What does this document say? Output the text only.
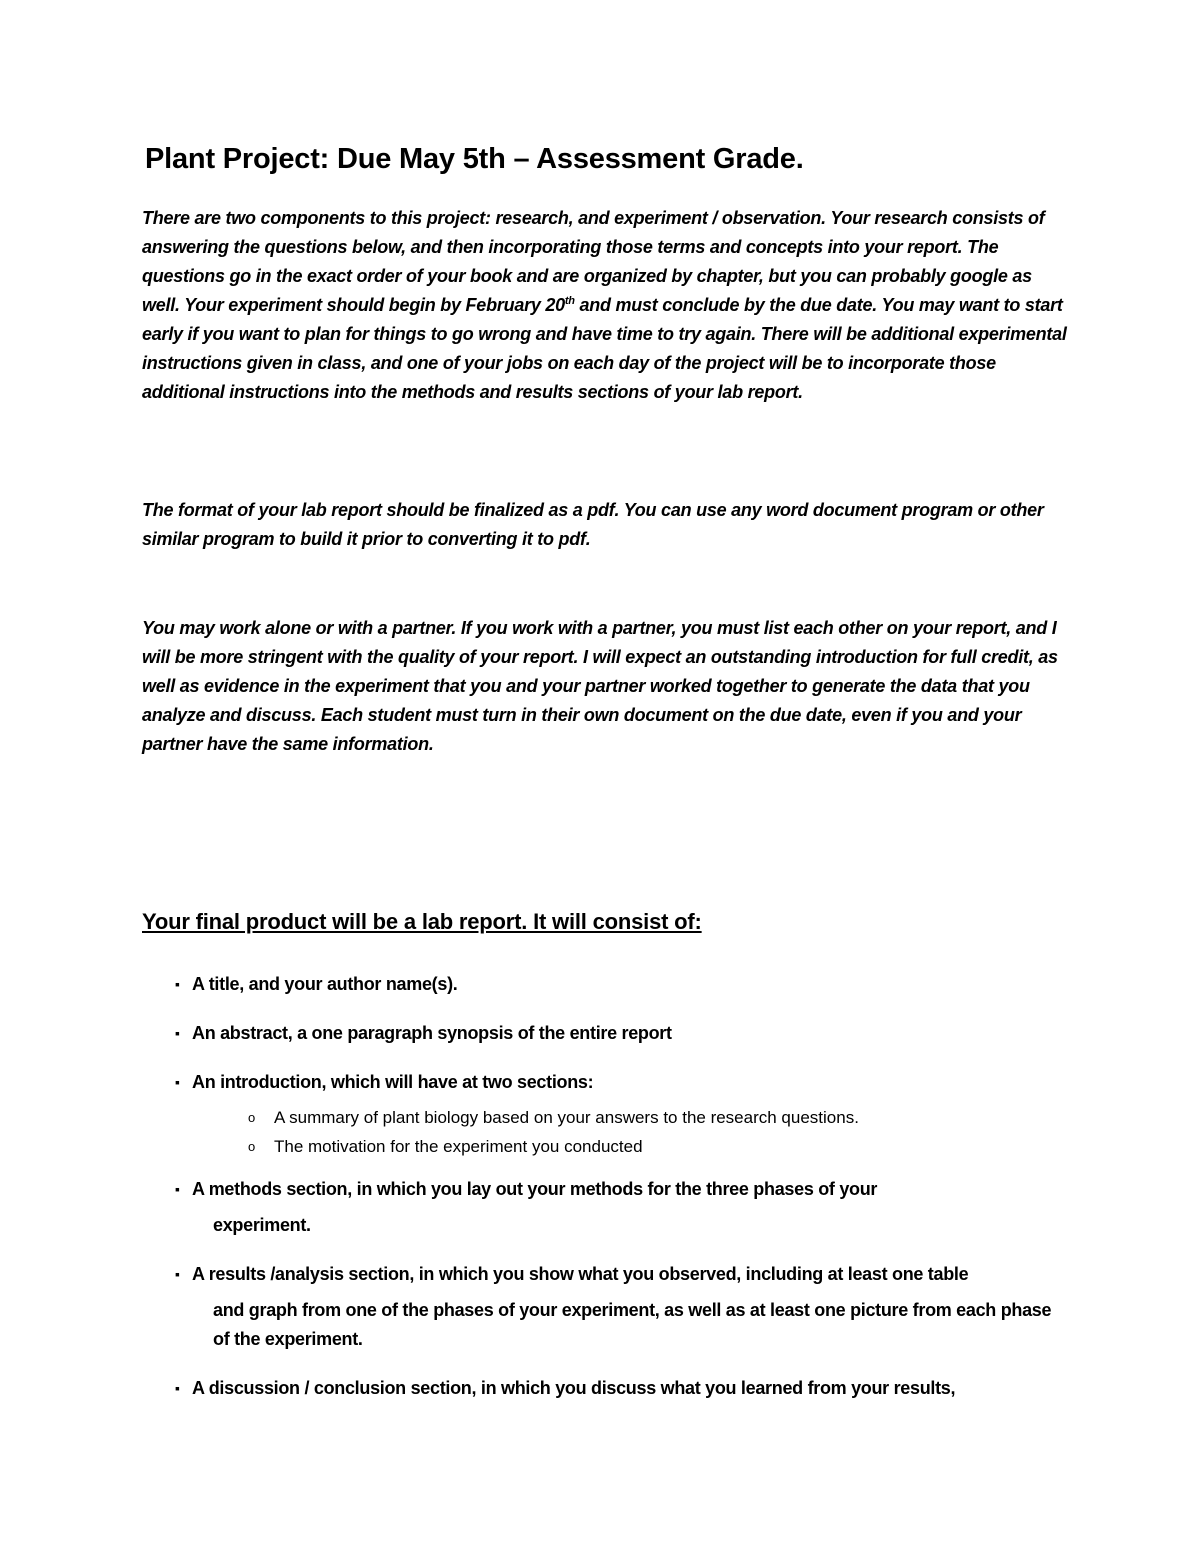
Plant Project: Due May 5th – Assessment Grade.

There are two components to this project: research, and experiment / observation. Your research consists of answering the questions below, and then incorporating those terms and concepts into your report. The questions go in the exact order of your book and are organized by chapter, but you can probably google as well. Your experiment should begin by February 20th and must conclude by the due date. You may want to start early if you want to plan for things to go wrong and have time to try again. There will be additional experimental instructions given in class, and one of your jobs on each day of the project will be to incorporate those additional instructions into the methods and results sections of your lab report.

The format of your lab report should be finalized as a pdf. You can use any word document program or other similar program to build it prior to converting it to pdf.

You may work alone or with a partner. If you work with a partner, you must list each other on your report, and I will be more stringent with the quality of your report. I will expect an outstanding introduction for full credit, as well as evidence in the experiment that you and your partner worked together to generate the data that you analyze and discuss. Each student must turn in their own document on the due date, even if you and your partner have the same information.

Your final product will be a lab report. It will consist of:
▪ A title, and your author name(s).
▪ An abstract, a one paragraph synopsis of the entire report
▪ An introduction, which will have at two sections:
o A summary of plant biology based on your answers to the research questions.
o The motivation for the experiment you conducted
▪ A methods section, in which you lay out your methods for the three phases of your
experiment.
▪ A results /analysis section, in which you show what you observed, including at least one table
and graph from one of the phases of your experiment, as well as at least one picture from each phase of the experiment.
▪ A discussion / conclusion section, in which you discuss what you learned from your results,
